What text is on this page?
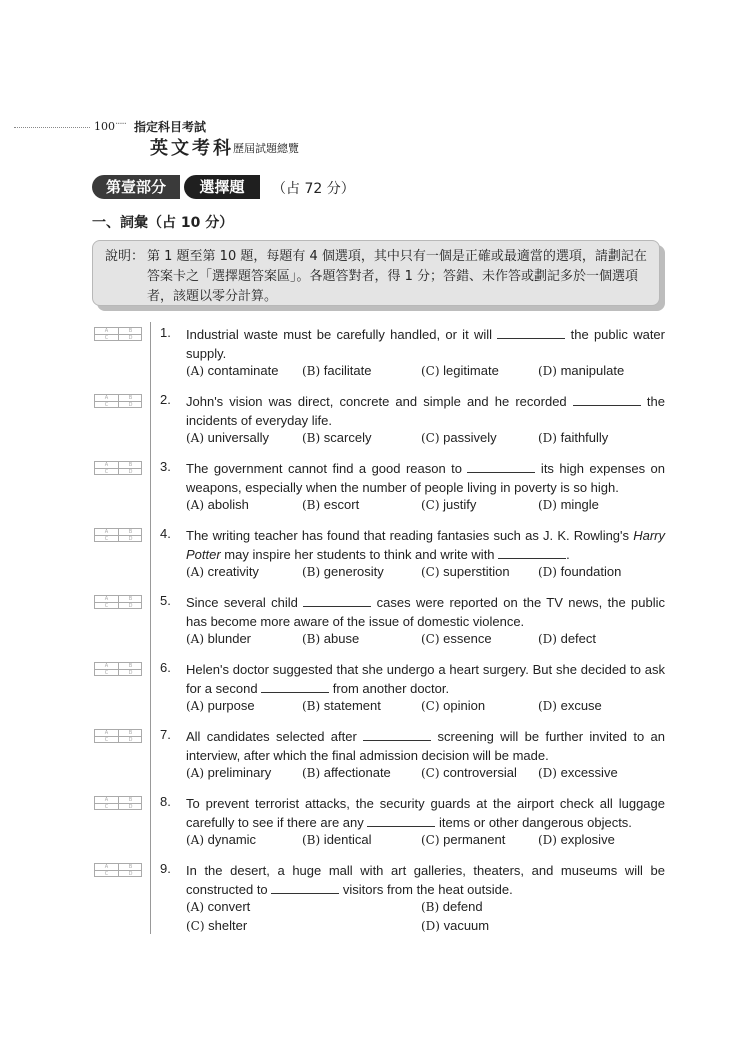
100 ····· 指定科目考試
英文考科 歷屆試題總覽
第壹部分	選擇題	（占 72 分）
一、詞彙（占 10 分）
說明： 第 1 題至第 10 題，每題有 4 個選項，其中只有一個是正確或最適當的選項，請劃記在答案卡之「選擇題答案區」。各題答對者，得 1 分；答錯、未作答或劃記多於一個選項者，該題以零分計算。
A	B
C	D	1. Industrial waste must be carefully handled, or it will	the public water supply.
(A) contaminate (B) facilitate	(C) legitimate	(D) manipulate
A	B
C	D	2. John's vision was direct, concrete and simple and he recorded	the incidents of everyday life.
(A) universally	(B) scarcely	(C) passively	(D) faithfully
A	B
C	D	3. The government cannot find a good reason to	its high expenses on weapons, especially when the number of people living in poverty is so high.
(A) abolish	(B) escort	(C) justify	(D) mingle
A	B
C	D	4. The writing teacher has found that reading fantasies such as J. K. Rowling's Harry Potter may inspire her students to think and write with	.
(A) creativity	(B) generosity	(C) superstition (D) foundation
A	B
C	D	5. Since several child	cases were reported on the TV news, the public has become more aware of the issue of domestic violence.
(A) blunder	(B) abuse	(C) essence	(D) defect
A	B
C	D	6. Helen's doctor suggested that she undergo a heart surgery. But she decided to ask for a second	from another doctor.
(A) purpose	(B) statement	(C) opinion	(D) excuse
A	B
C	D	7. All candidates selected after	screening will be further invited to an interview, after which the final admission decision will be made.
(A) preliminary	(B) affectionate	(C) controversial (D) excessive
A	B
C	D	8. To prevent terrorist attacks, the security guards at the airport check all luggage carefully to see if there are any	items or other dangerous objects.
(A) dynamic	(B) identical	(C) permanent	(D) explosive
A	B
C	D	9. In the desert, a huge mall with art galleries, theaters, and museums will be constructed to	visitors from the heat outside.
(A) convert	(B) defend
(C) shelter	(D) vacuum
